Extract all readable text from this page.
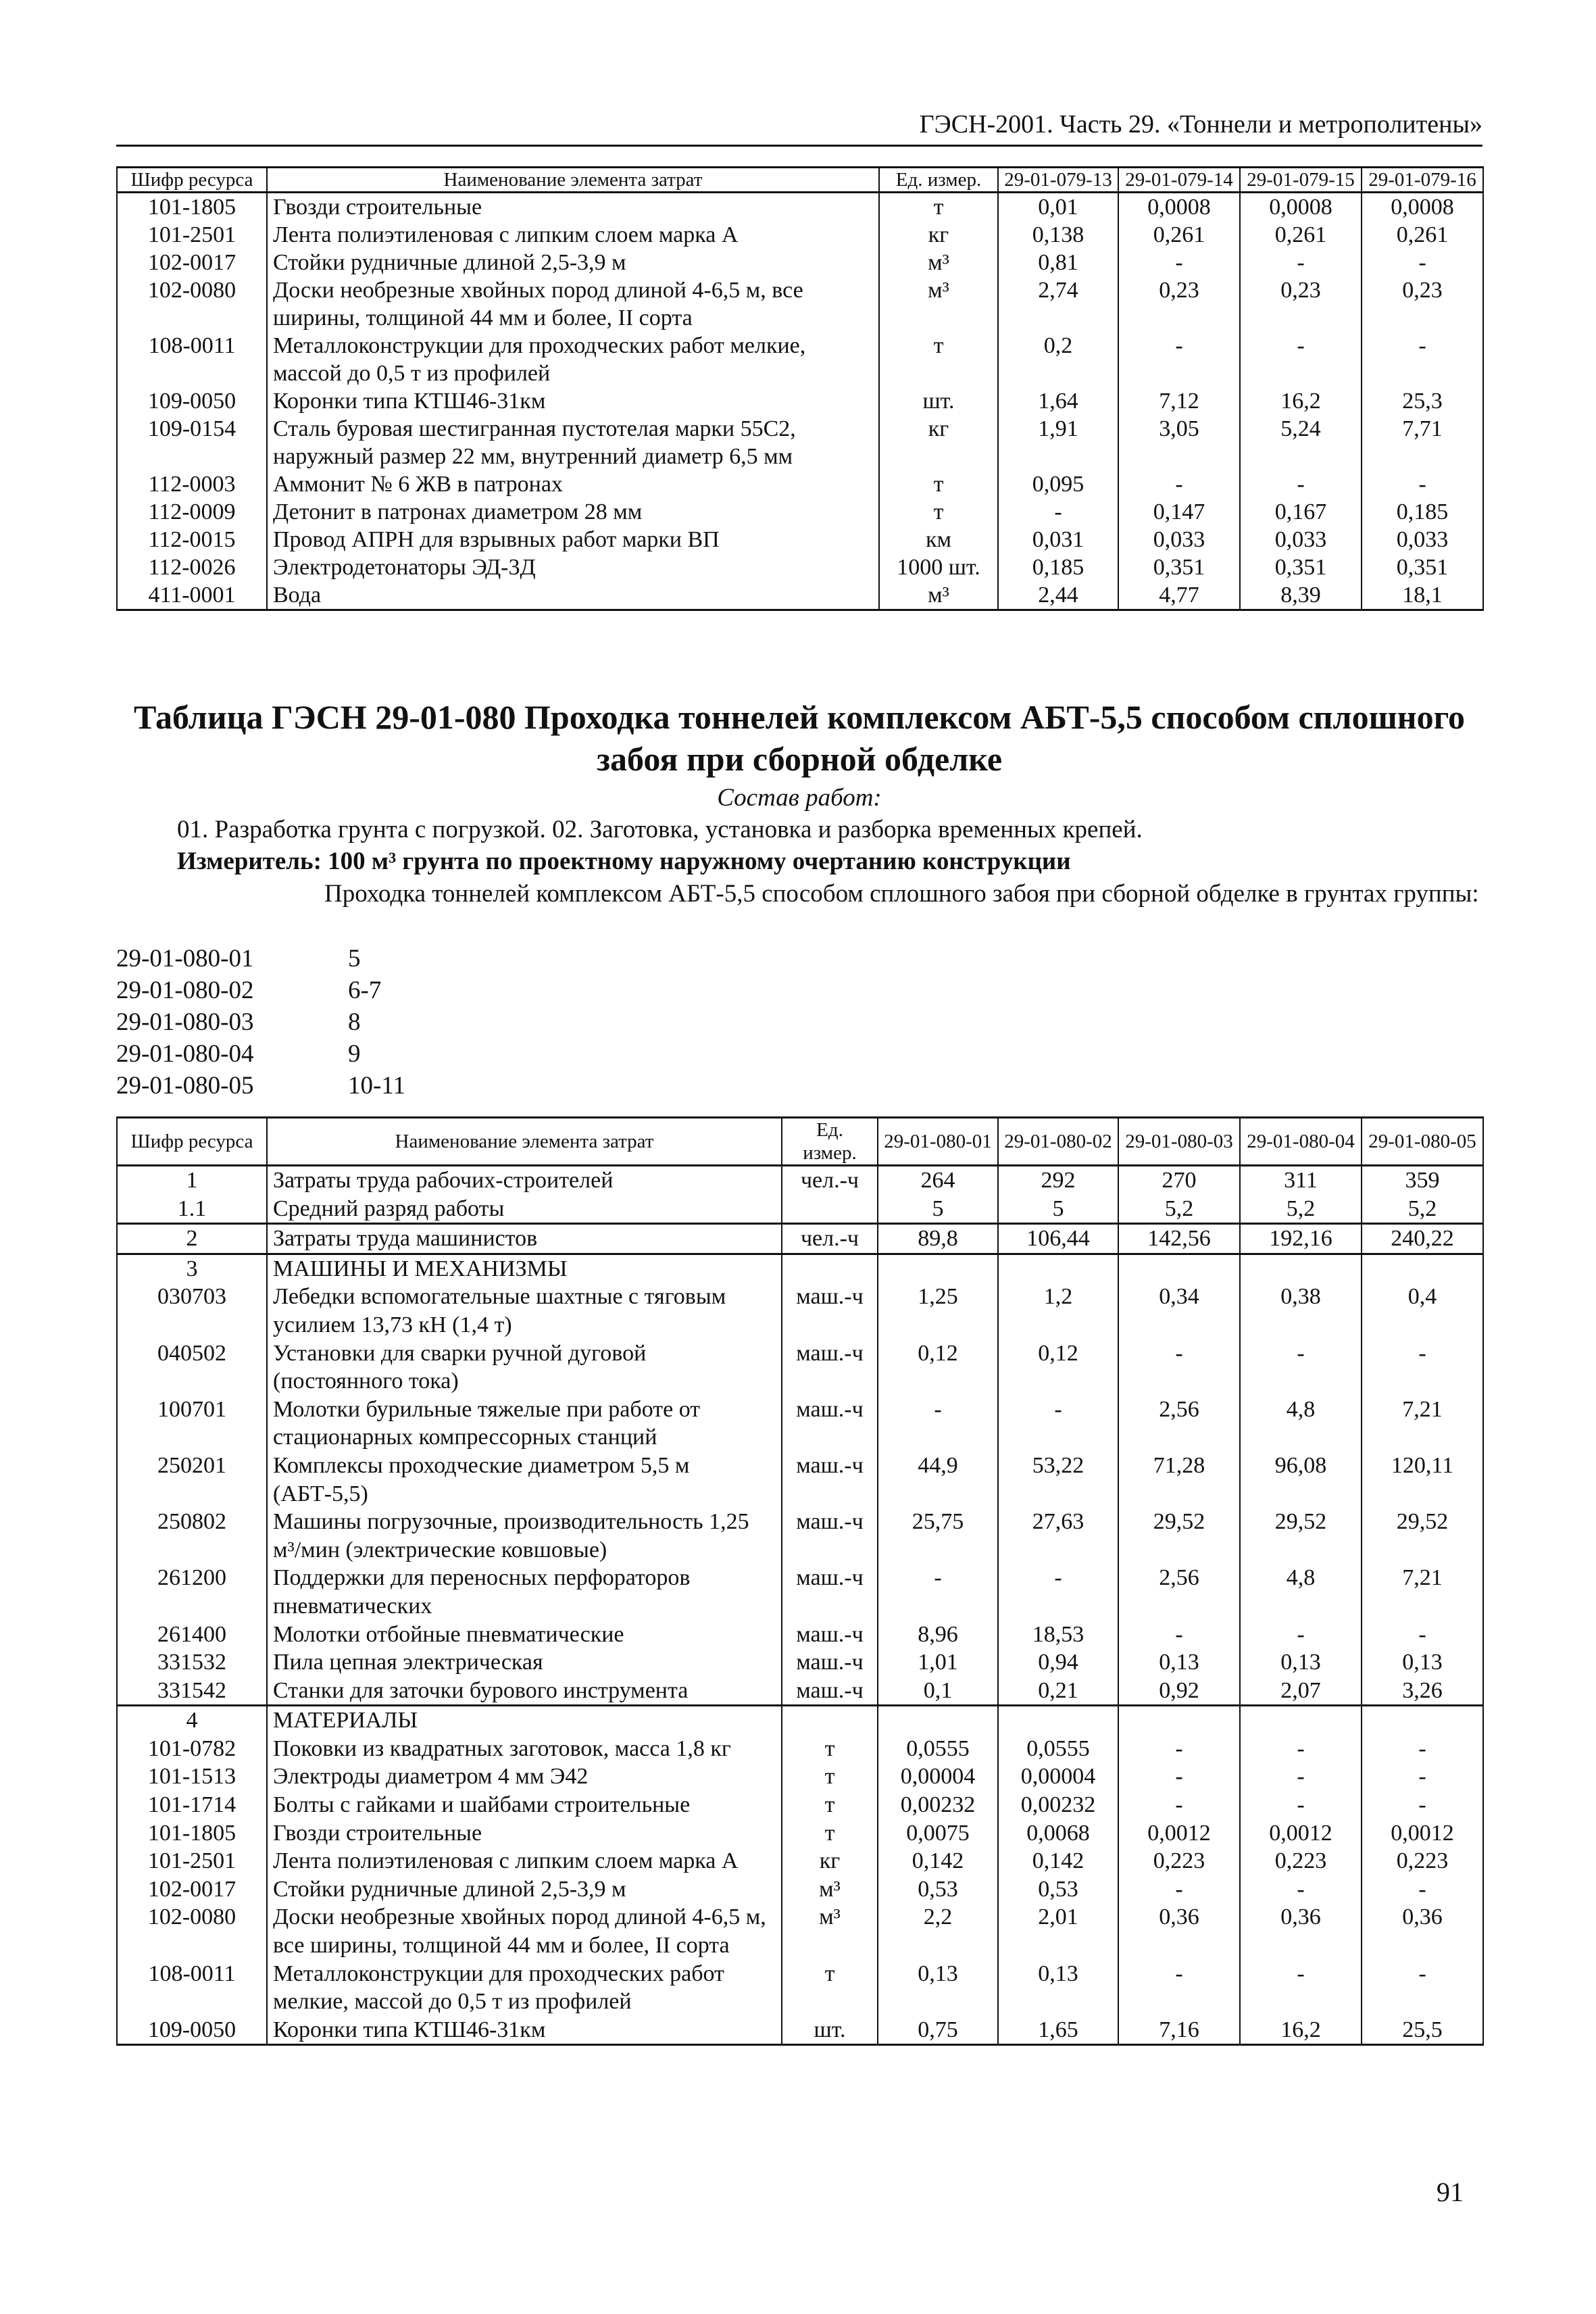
ГЭСН-2001. Часть 29. «Тоннели и метрополитены»
Шифр ресурса	Наименование элемента затрат	Ед. измер.	29-01-079-13	29-01-079-14	29-01-079-15	29-01-079-16
101-1805	Гвозди строительные	т	0,01	0,0008	0,0008	0,0008
101-2501	Лента полиэтиленовая с липким слоем марка А	кг	0,138	0,261	0,261	0,261
102-0017	Стойки рудничные длиной 2,5-3,9 м	м³	0,81	-	-	-
102-0080	Доски необрезные хвойных пород длиной 4-6,5 м, все ширины, толщиной 44 мм и более, II сорта	м³	2,74	0,23	0,23	0,23
108-0011	Металлоконструкции для проходческих работ мелкие, массой до 0,5 т из профилей	т	0,2	-	-	-
109-0050	Коронки типа КТШ46-31км	шт.	1,64	7,12	16,2	25,3
109-0154	Сталь буровая шестигранная пустотелая марки 55С2, наружный размер 22 мм, внутренний диаметр 6,5 мм	кг	1,91	3,05	5,24	7,71
112-0003	Аммонит № 6 ЖВ в патронах	т	0,095	-	-	-
112-0009	Детонит в патронах диаметром 28 мм	т	-	0,147	0,167	0,185
112-0015	Провод АПРН для взрывных работ марки ВП	км	0,031	0,033	0,033	0,033
112-0026	Электродетонаторы ЭД-3Д	1000 шт.	0,185	0,351	0,351	0,351
411-0001	Вода	м³	2,44	4,77	8,39	18,1
Таблица ГЭСН 29-01-080 Проходка тоннелей комплексом АБТ-5,5 способом сплошного забоя при сборной обделке
Состав работ:
01. Разработка грунта с погрузкой. 02. Заготовка, установка и разборка временных крепей.
Измеритель: 100 м³ грунта по проектному наружному очертанию конструкции
Проходка тоннелей комплексом АБТ-5,5 способом сплошного забоя при сборной обделке в грунтах группы:
29-01-080-01	5
29-01-080-02	6-7
29-01-080-03	8
29-01-080-04	9
29-01-080-05	10-11
Шифр ресурса	Наименование элемента затрат	Ед. измер.	29-01-080-01	29-01-080-02	29-01-080-03	29-01-080-04	29-01-080-05
1	Затраты труда рабочих-строителей	чел.-ч	264	292	270	311	359
1.1	Средний разряд работы		5	5	5,2	5,2	5,2
2	Затраты труда машинистов	чел.-ч	89,8	106,44	142,56	192,16	240,22
3	МАШИНЫ И МЕХАНИЗМЫ						
030703	Лебедки вспомогательные шахтные с тяговым усилием 13,73 кН (1,4 т)	маш.-ч	1,25	1,2	0,34	0,38	0,4
040502	Установки для сварки ручной дуговой (постоянного тока)	маш.-ч	0,12	0,12	-	-	-
100701	Молотки бурильные тяжелые при работе от стационарных компрессорных станций	маш.-ч	-	-	2,56	4,8	7,21
250201	Комплексы проходческие диаметром 5,5 м (АБТ-5,5)	маш.-ч	44,9	53,22	71,28	96,08	120,11
250802	Машины погрузочные, производительность 1,25 м³/мин (электрические ковшовые)	маш.-ч	25,75	27,63	29,52	29,52	29,52
261200	Поддержки для переносных перфораторов пневматических	маш.-ч	-	-	2,56	4,8	7,21
261400	Молотки отбойные пневматические	маш.-ч	8,96	18,53	-	-	-
331532	Пила цепная электрическая	маш.-ч	1,01	0,94	0,13	0,13	0,13
331542	Станки для заточки бурового инструмента	маш.-ч	0,1	0,21	0,92	2,07	3,26
4	МАТЕРИАЛЫ						
101-0782	Поковки из квадратных заготовок, масса 1,8 кг	т	0,0555	0,0555	-	-	-
101-1513	Электроды диаметром 4 мм Э42	т	0,00004	0,00004	-	-	-
101-1714	Болты с гайками и шайбами строительные	т	0,00232	0,00232	-	-	-
101-1805	Гвозди строительные	т	0,0075	0,0068	0,0012	0,0012	0,0012
101-2501	Лента полиэтиленовая с липким слоем марка А	кг	0,142	0,142	0,223	0,223	0,223
102-0017	Стойки рудничные длиной 2,5-3,9 м	м³	0,53	0,53	-	-	-
102-0080	Доски необрезные хвойных пород длиной 4-6,5 м, все ширины, толщиной 44 мм и более, II сорта	м³	2,2	2,01	0,36	0,36	0,36
108-0011	Металлоконструкции для проходческих работ мелкие, массой до 0,5 т из профилей	т	0,13	0,13	-	-	-
109-0050	Коронки типа КТШ46-31км	шт.	0,75	1,65	7,16	16,2	25,5
91
